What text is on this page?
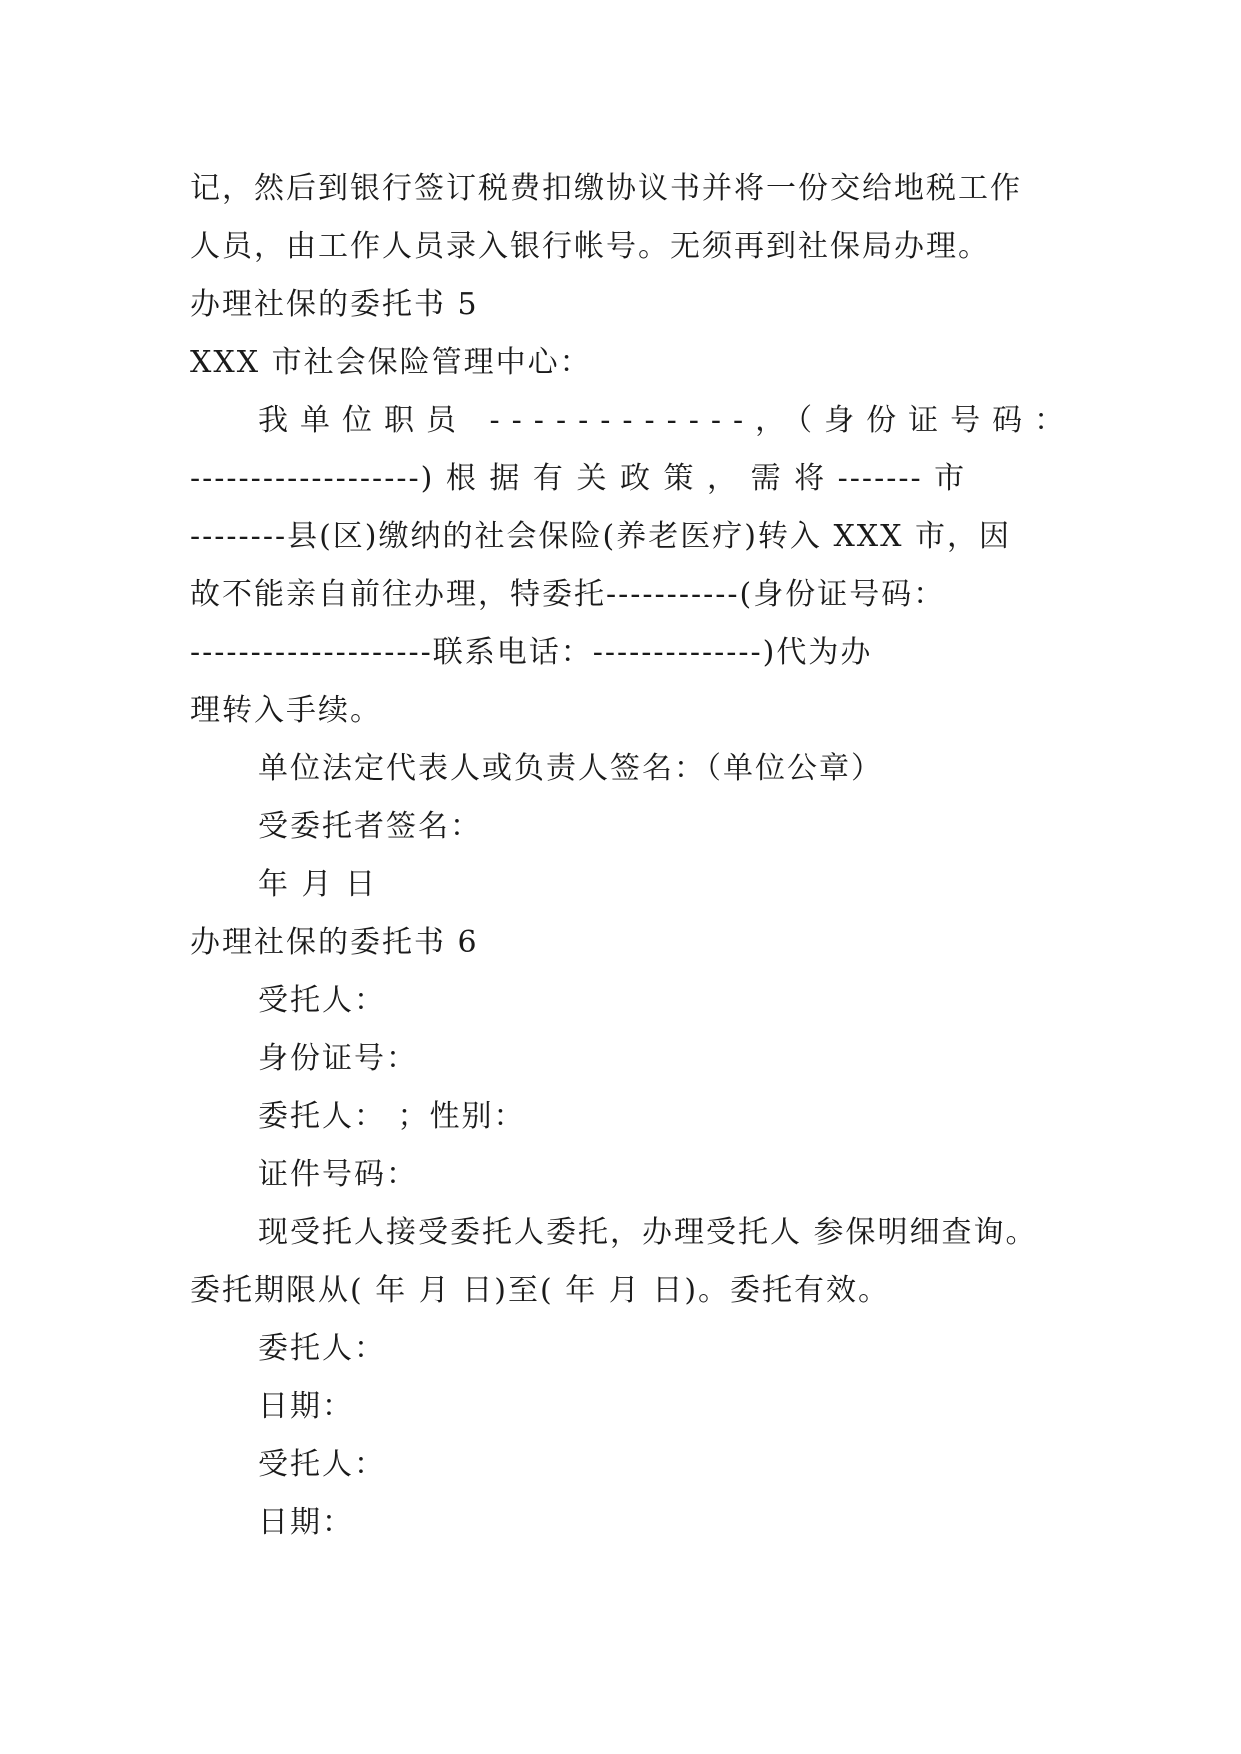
记，然后到银行签订税费扣缴协议书并将一份交给地税工作
人员，由工作人员录入银行帐号。无须再到社保局办理。
办理社保的委托书 5
XXX 市社会保险管理中心：
我单位职员 ------------，（身份证号码：
-------------------) 根 据 有 关 政 策 ， 需 将 ------- 市
--------县(区)缴纳的社会保险(养老医疗)转入 XXX 市，因
故不能亲自前往办理，特委托-----------(身份证号码：
--------------------联系电话：--------------)代为办
理转入手续。
单位法定代表人或负责人签名：（单位公章）
受委托者签名：
年 月 日
办理社保的委托书 6
受托人：
身份证号：
委托人： ；性别：
证件号码：
现受托人接受委托人委托，办理受托人 参保明细查询。
委托期限从( 年 月 日)至( 年 月 日)。委托有效。
委托人：
日期：
受托人：
日期：
